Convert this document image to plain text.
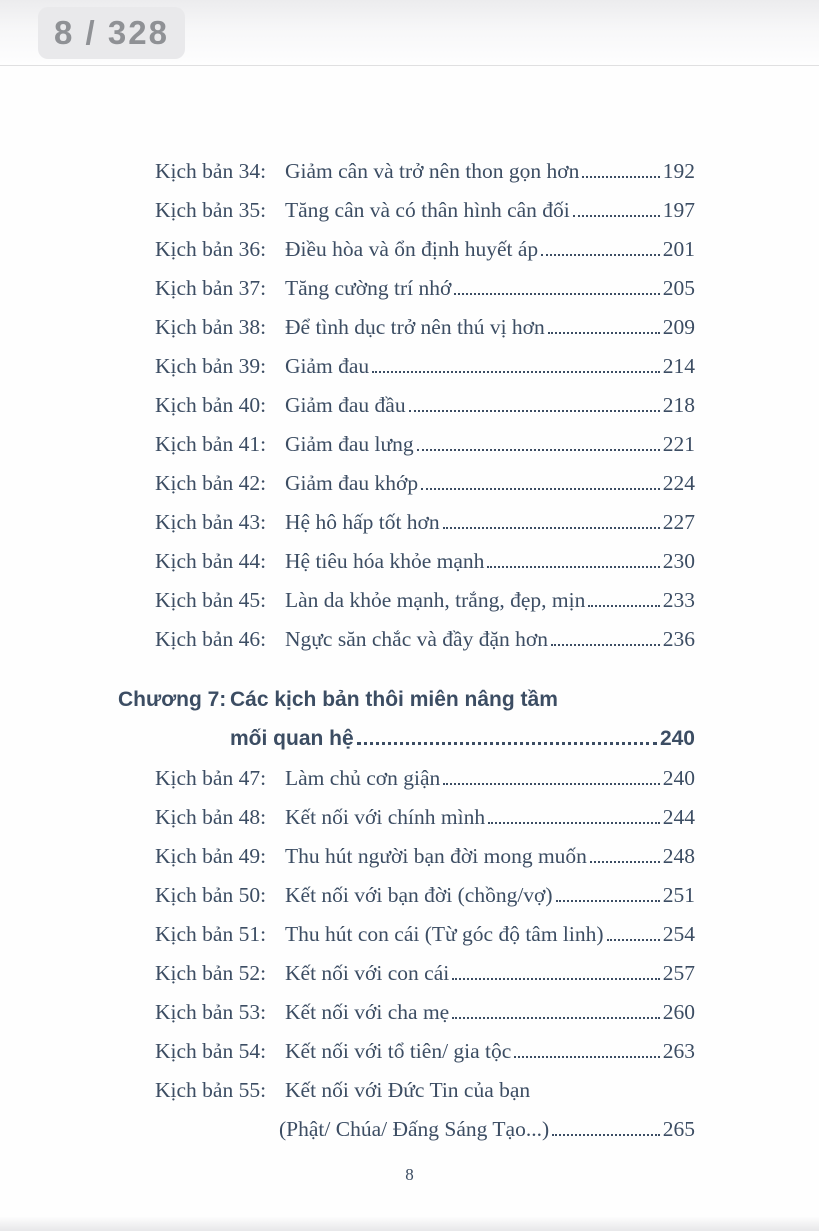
8 / 328
Kịch bản 34: Giảm cân và trở nên thon gọn hơn	192
Kịch bản 35: Tăng cân và có thân hình cân đối	197
Kịch bản 36: Điều hòa và ổn định huyết áp	201
Kịch bản 37: Tăng cường trí nhớ	205
Kịch bản 38: Để tình dục trở nên thú vị hơn	209
Kịch bản 39: Giảm đau	214
Kịch bản 40: Giảm đau đầu	218
Kịch bản 41: Giảm đau lưng	221
Kịch bản 42: Giảm đau khớp	224
Kịch bản 43: Hệ hô hấp tốt hơn	227
Kịch bản 44: Hệ tiêu hóa khỏe mạnh	230
Kịch bản 45: Làn da khỏe mạnh, trắng, đẹp, mịn	233
Kịch bản 46: Ngực săn chắc và đầy đặn hơn	236
Chương 7: Các kịch bản thôi miên nâng tầm
mối quan hệ	240
Kịch bản 47: Làm chủ cơn giận	240
Kịch bản 48: Kết nối với chính mình	244
Kịch bản 49: Thu hút người bạn đời mong muốn	248
Kịch bản 50: Kết nối với bạn đời (chồng/vợ)	251
Kịch bản 51: Thu hút con cái (Từ góc độ tâm linh)	254
Kịch bản 52: Kết nối với con cái	257
Kịch bản 53: Kết nối với cha mẹ	260
Kịch bản 54: Kết nối với tổ tiên/ gia tộc	263
Kịch bản 55: Kết nối với Đức Tin của bạn
(Phật/ Chúa/ Đấng Sáng Tạo...)	265
8
